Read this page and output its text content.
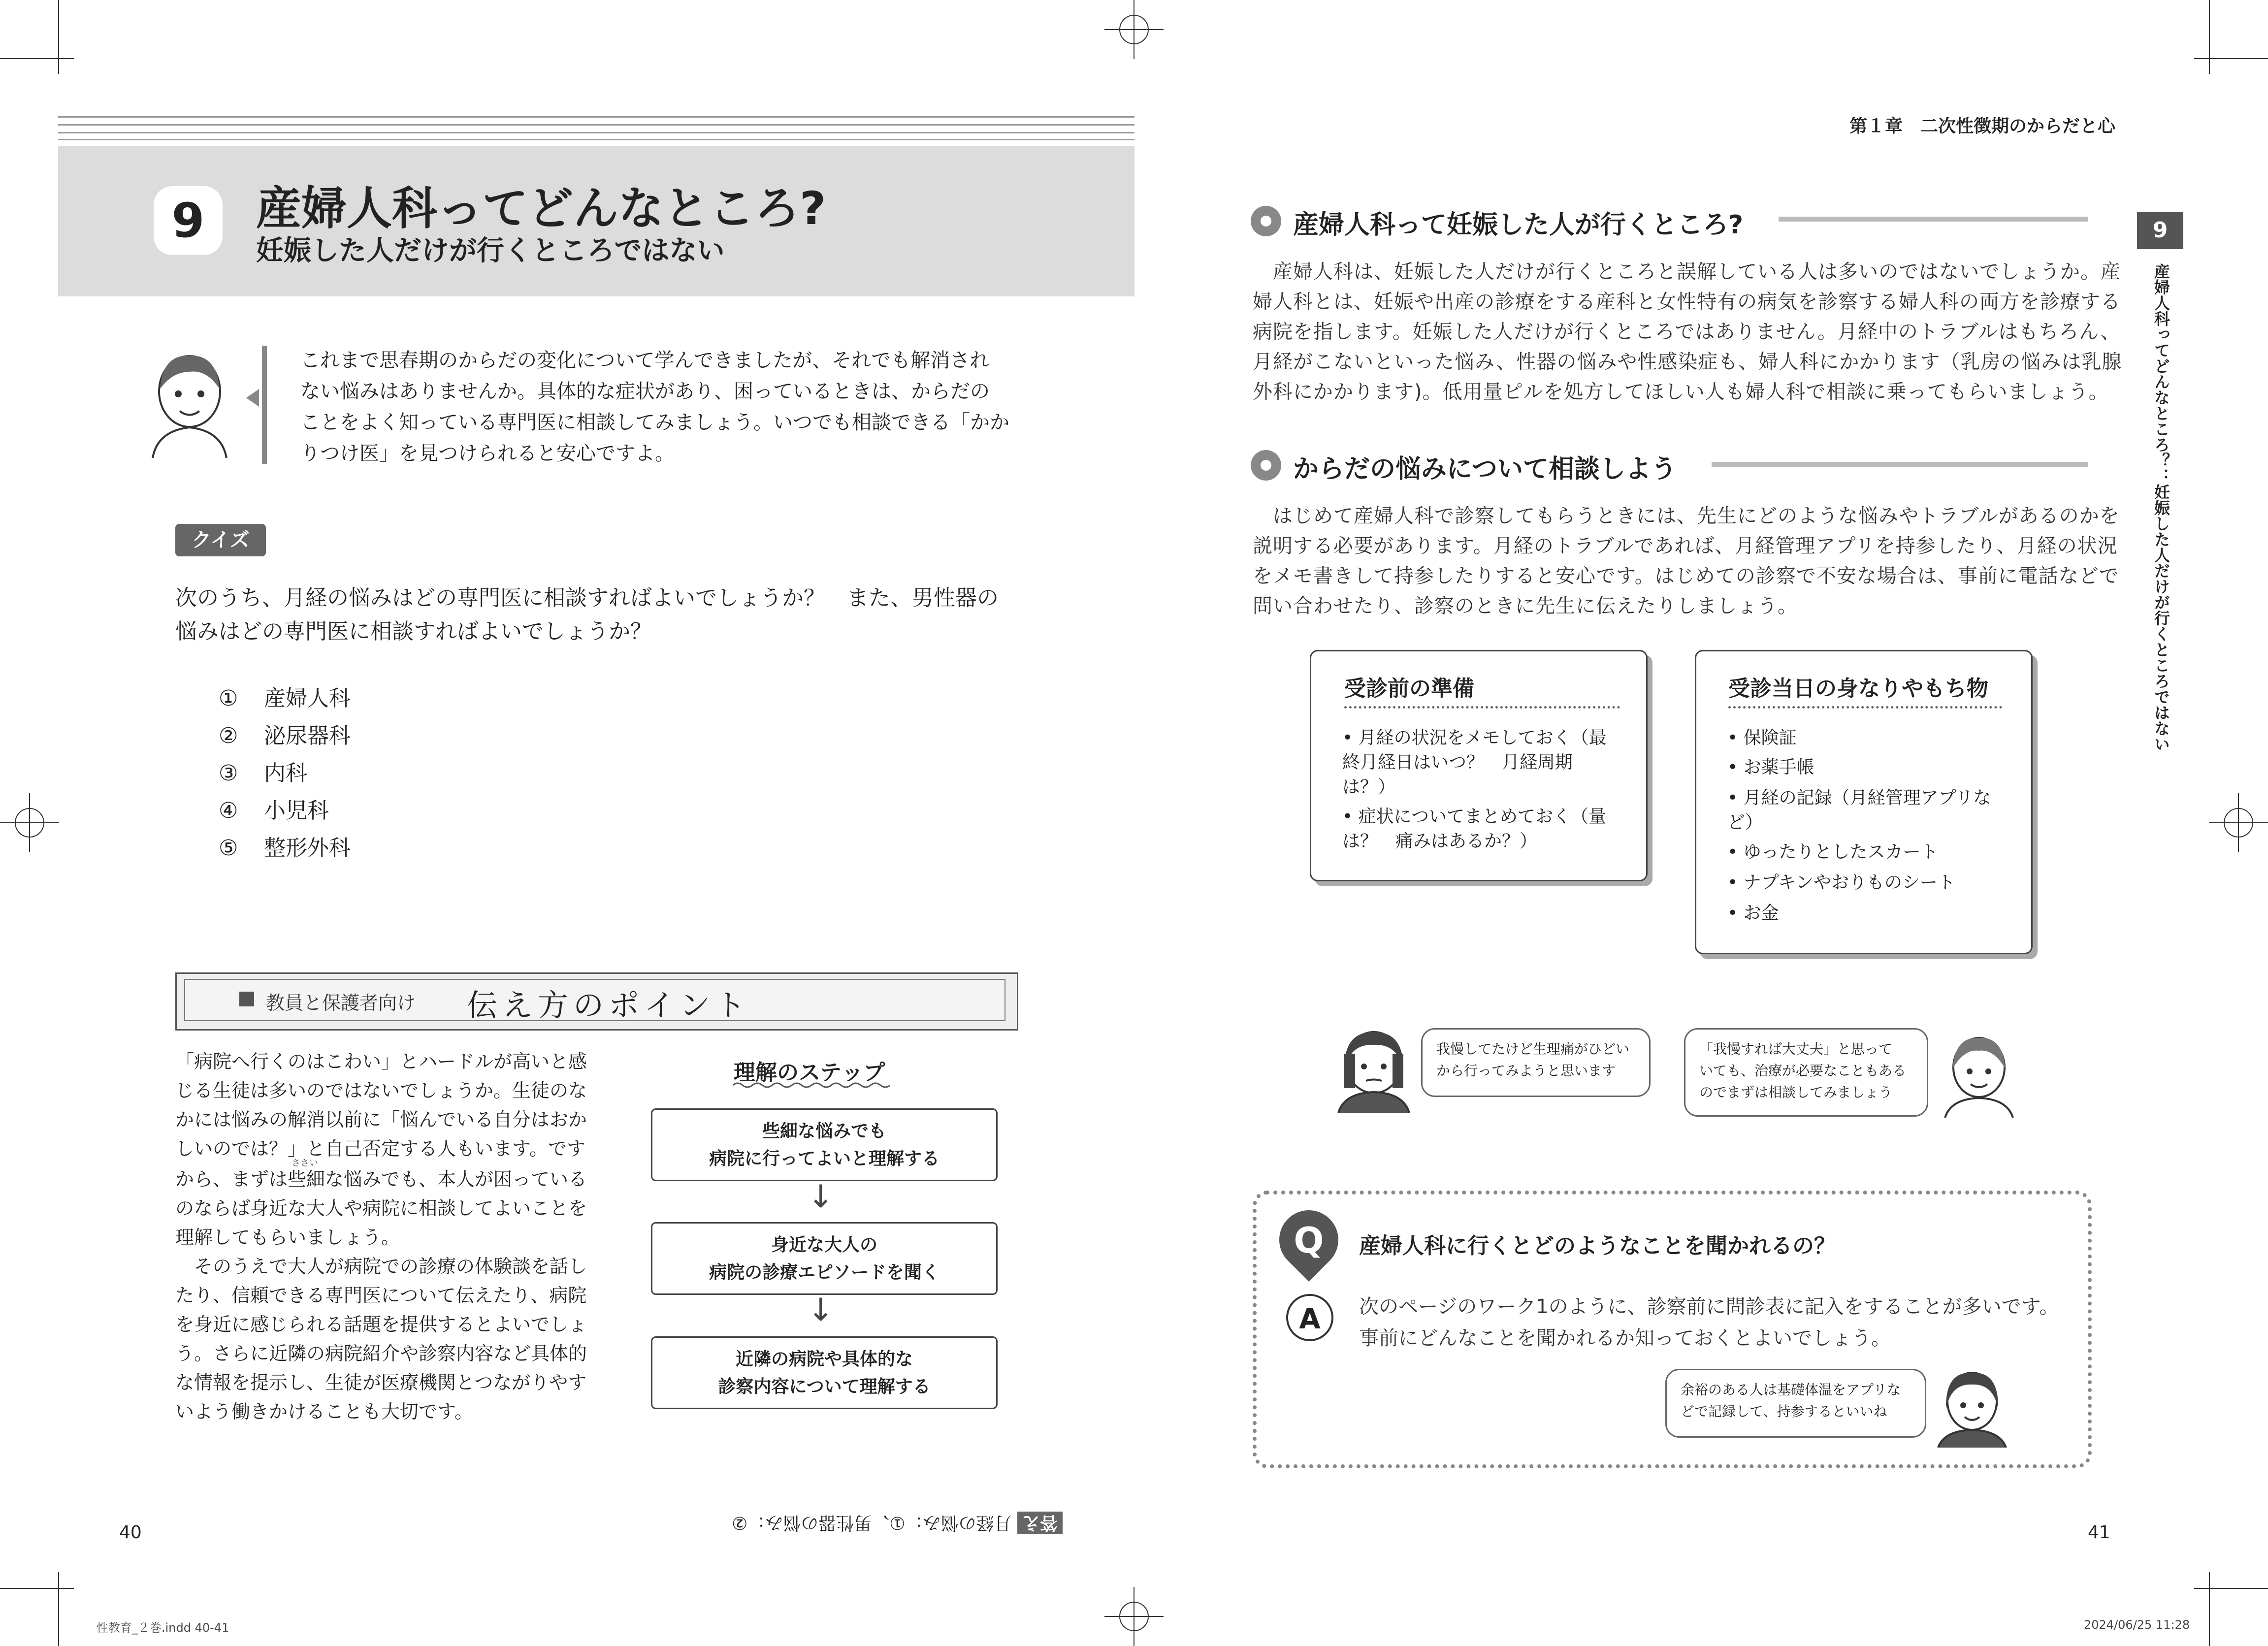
9	産婦人科ってどんなところ?
妊娠した人だけが行くところではない
これまで思春期のからだの変化について学んできましたが、それでも解消され
ない悩みはありませんか。具体的な症状があり、困っているときは、からだの
ことをよく知っている専門医に相談してみましょう。いつでも相談できる「かか
りつけ医」を見つけられると安心ですよ。
クイズ
次のうち、月経の悩みはどの専門医に相談すればよいでしょうか？　また、男性器の
悩みはどの専門医に相談すればよいでしょうか？
① 産婦人科
② 泌尿器科
③ 内科
④ 小児科
⑤ 整形外科
教員と保護者向け 伝え方のポイント
「病院へ行くのはこわい」とハードルが高いと感
じる生徒は多いのではないでしょうか。生徒のな
かには悩みの解消以前に「悩んでいる自分はおか
しいのでは？」と自己否定する人もいます。です
ささい
から、まずは些細な悩みでも、本人が困っている
のならば身近な大人や病院に相談してよいことを
理解してもらいましょう。
　そのうえで大人が病院での診療の体験談を話し
たり、信頼できる専門医について伝えたり、病院
を身近に感じられる話題を提供するとよいでしょ
う。さらに近隣の病院紹介や診察内容など具体的
な情報を提示し、生徒が医療機関とつながりやす
いよう働きかけることも大切です。
理解のステップ
些細な悩みでも
病院に行ってよいと理解する
↓
身近な大人の
病院の診療エピソードを聞く
↓
近隣の病院や具体的な
診察内容について理解する
答え 月経の悩み：①、男性器の悩み：②
40
性教育_２巻.indd 40-41
第１章　二次性徴期のからだと心
9
産婦人科ってどんなところ？：妊娠した人だけが行くところではない
産婦人科って妊娠した人が行くところ?
　産婦人科は、妊娠した人だけが行くところと誤解している人は多いのではないでしょうか。産
婦人科とは、妊娠や出産の診療をする産科と女性特有の病気を診察する婦人科の両方を診療する
病院を指します。妊娠した人だけが行くところではありません。月経中のトラブルはもちろん、
月経がこないといった悩み、性器の悩みや性感染症も、婦人科にかかります（乳房の悩みは乳腺
外科にかかります)。低用量ピルを処方してほしい人も婦人科で相談に乗ってもらいましょう。
からだの悩みについて相談しよう
　はじめて産婦人科で診察してもらうときには、先生にどのような悩みやトラブルがあるのかを
説明する必要があります。月経のトラブルであれば、月経管理アプリを持参したり、月経の状況
をメモ書きして持参したりすると安心です。はじめての診察で不安な場合は、事前に電話などで
問い合わせたり、診察のときに先生に伝えたりしましょう。
受診前の準備
• 月経の状況をメモしておく（最
終月経日はいつ？　月経周期
は？）
• 症状についてまとめておく（量
は？　痛みはあるか？）
受診当日の身なりやもち物
• 保険証
• お薬手帳
• 月経の記録（月経管理アプリな
ど）
• ゆったりとしたスカート
• ナプキンやおりものシート
• お金
我慢してたけど生理痛がひどい
から行ってみようと思います
「我慢すれば大丈夫」と思って
いても、治療が必要なこともある
のでまずは相談してみましょう
Q	産婦人科に行くとどのようなことを聞かれるの？
A	次のページのワーク1のように、診察前に問診表に記入をすることが多いです。
事前にどんなことを聞かれるか知っておくとよいでしょう。
余裕のある人は基礎体温をアプリな
どで記録して、持参するといいね
41
2024/06/25 11:28
